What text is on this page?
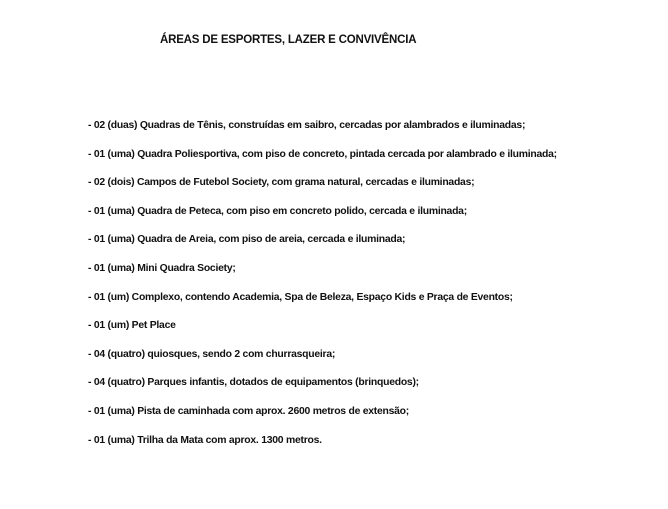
ÁREAS DE ESPORTES, LAZER E CONVIVÊNCIA
- 02 (duas) Quadras de Tênis, construídas em saibro, cercadas por alambrados e iluminadas;
- 01 (uma) Quadra Poliesportiva, com piso de concreto, pintada cercada por alambrado e iluminada;
- 02 (dois) Campos de Futebol Society, com grama natural, cercadas e iluminadas;
- 01 (uma) Quadra de Peteca, com piso em concreto polido, cercada e iluminada;
- 01 (uma) Quadra de Areia, com piso de areia, cercada e iluminada;
- 01 (uma) Mini Quadra Society;
- 01 (um) Complexo, contendo Academia, Spa de Beleza, Espaço Kids e Praça de Eventos;
- 01 (um) Pet Place
- 04 (quatro) quiosques, sendo 2 com churrasqueira;
- 04 (quatro) Parques infantis, dotados de equipamentos (brinquedos);
- 01 (uma) Pista de caminhada com aprox. 2600 metros de extensão;
- 01 (uma) Trilha da Mata com aprox. 1300 metros.
